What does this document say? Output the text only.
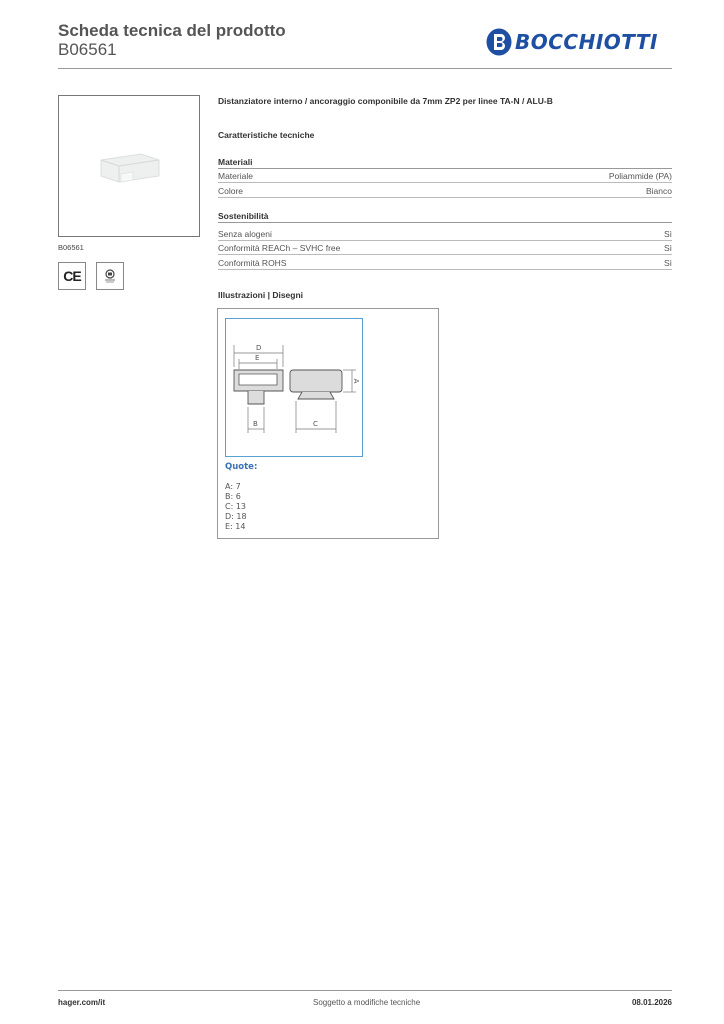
Scheda tecnica del prodotto
B06561	BOCCHIOTTI
B06561
CE
Distanziatore interno / ancoraggio componibile da 7mm ZP2 per linee TA-N / ALU-B
Caratteristiche tecniche
Materiali
Materiale	Poliammide (PA)
Colore	Bianco
Sostenibilità
Senza alogeni	Sì
Conformità REACh – SVHC free	Sì
Conformità ROHS	Sì
Illustrazioni | Disegni
D
E
B
A
C
Quote:
A: 7
B: 6
C: 13
D: 18
E: 14
hager.com/it	Soggetto a modifiche tecniche	08.01.2026
